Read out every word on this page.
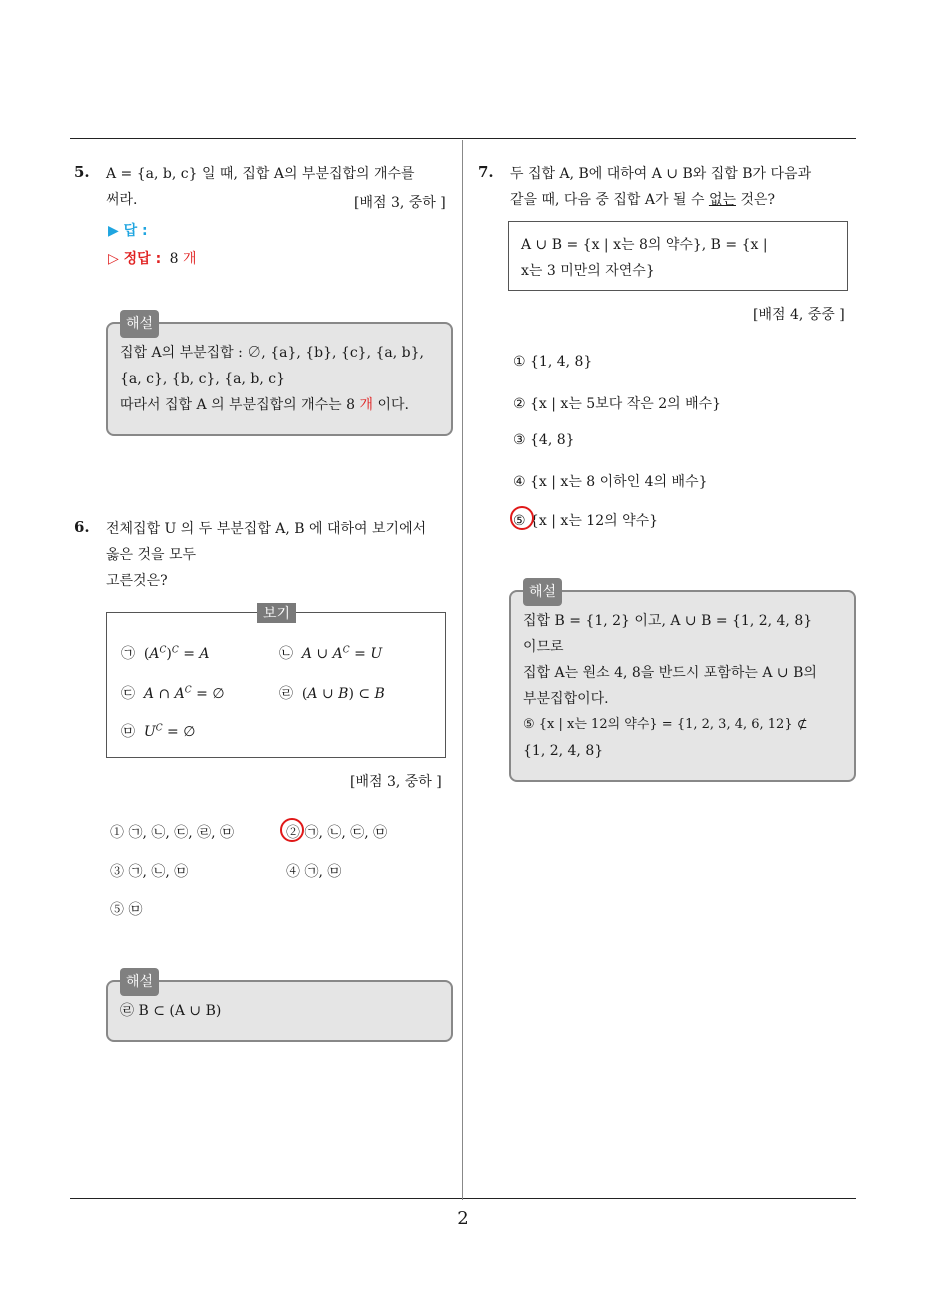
5. A = {a, b, c} 일 때, 집합 A의 부분집합의 개수를
써라.	[배점 3, 중하 ]
▶ 답 :
▷ 정답 : 8 개
해설
집합 A의 부분집합 : ∅, {a}, {b}, {c}, {a, b},
{a, c}, {b, c}, {a, b, c}
따라서 집합 A 의 부분집합의 개수는 8 개 이다.
6. 전체집합 U 의 두 부분집합 A, B 에 대하여 보기에서
옳은 것을 모두
고른것은?
보기
㉠  $(A^C)^C = A$	㉡  A ∪ $A^C = U$
㉢  A ∩ $A^C$ = ∅	㉣  (A ∪ B) ⊂ B
㉤  $U^C$ = ∅
[배점 3, 중하 ]
① ㉠, ㉡, ㉢, ㉣, ㉤	② ㉠, ㉡, ㉢, ㉤
③ ㉠, ㉡, ㉤	④ ㉠, ㉤
⑤ ㉤
해설
㉣ B ⊂ (A ∪ B)
7. 두 집합 A, B에 대하여 A ∪ B와 집합 B가 다음과
같을 때, 다음 중 집합 A가 될 수 없는 것은?
A ∪ B = {x | x는 8의 약수}, B = {x |
x는 3 미만의 자연수}
[배점 4, 중중 ]
① {1, 4, 8}
② {x | x는 5보다 작은 2의 배수}
③ {4, 8}
④ {x | x는 8 이하인 4의 배수}
⑤ {x | x는 12의 약수}
해설
집합 B = {1, 2} 이고, A ∪ B = {1, 2, 4, 8}
이므로
집합 A는 원소 4, 8을 반드시 포함하는 A ∪ B의
부분집합이다.
⑤ {x | x는 12의 약수} = {1, 2, 3, 4, 6, 12} ⊄
{1, 2, 4, 8}
2
